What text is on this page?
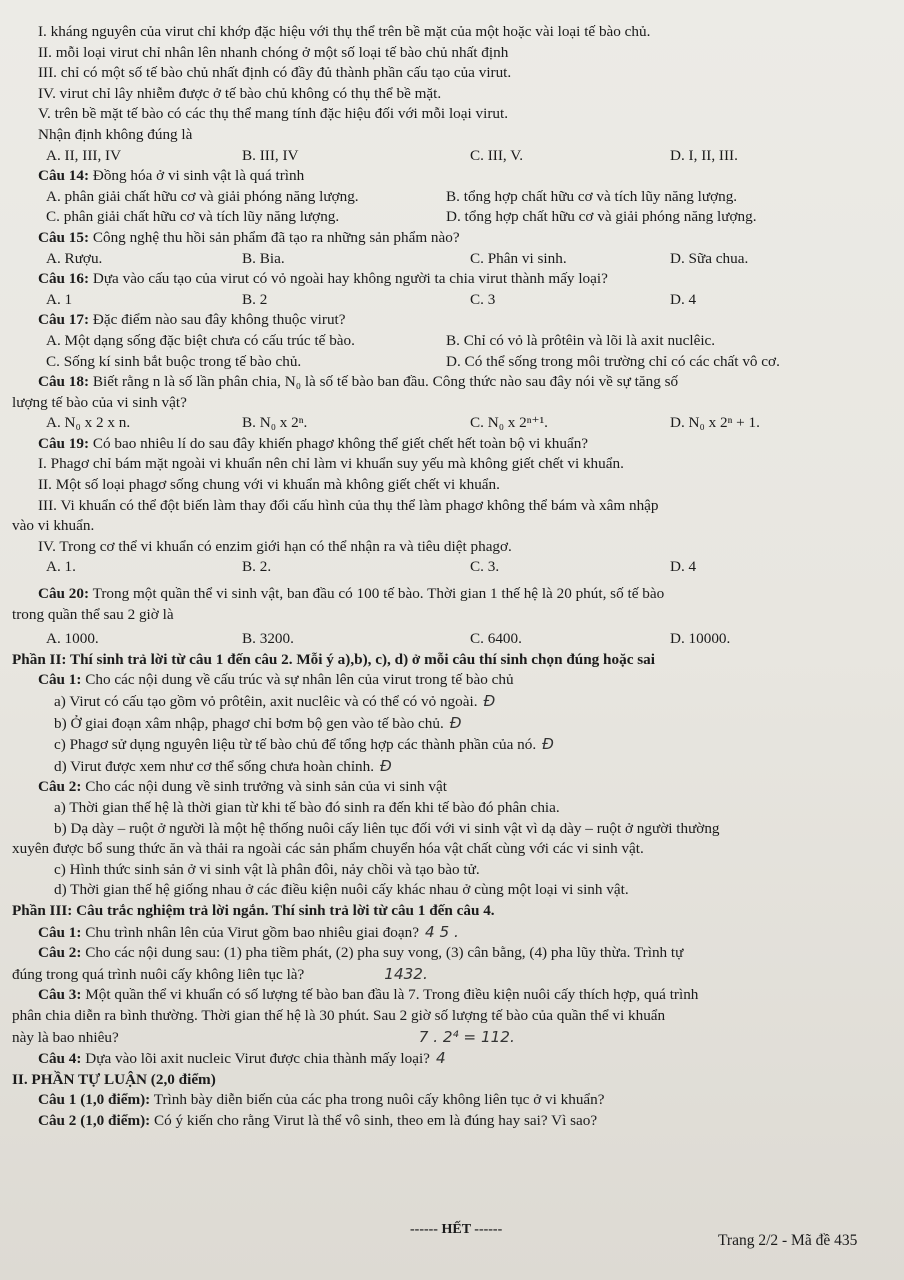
I. kháng nguyên của virut chỉ khớp đặc hiệu với thụ thể trên bề mặt của một hoặc vài loại tế bào chủ.
II. mỗi loại virut chỉ nhân lên nhanh chóng ở một số loại tế bào chủ nhất định
III. chỉ có một số tế bào chủ nhất định có đầy đủ thành phần cấu tạo của virut.
IV. virut chỉ lây nhiễm được ở tế bào chủ không có thụ thể bề mặt.
V. trên bề mặt tế bào có các thụ thể mang tính đặc hiệu đối với mỗi loại virut.
Nhận định không đúng là
A. II, III, IV	B. III, IV	C. III, V.	D. I, II, III.
Câu 14: Đồng hóa ở vi sinh vật là quá trình
A. phân giải chất hữu cơ và giải phóng năng lượng.	B. tổng hợp chất hữu cơ và tích lũy năng lượng.
C. phân giải chất hữu cơ và tích lũy năng lượng.	D. tổng hợp chất hữu cơ và giải phóng năng lượng.
Câu 15: Công nghệ thu hồi sản phẩm đã tạo ra những sản phẩm nào?
A. Rượu.	B. Bia.	C. Phân vi sinh.	D. Sữa chua.
Câu 16: Dựa vào cấu tạo của virut có vỏ ngoài hay không người ta chia virut thành mấy loại?
A. 1	B. 2	C. 3	D. 4
Câu 17: Đặc điểm nào sau đây không thuộc virut?
A. Một dạng sống đặc biệt chưa có cấu trúc tế bào.	B. Chỉ có vỏ là prôtêin và lõi là axit nuclêic.
C. Sống kí sinh bắt buộc trong tế bào chủ.	D. Có thể sống trong môi trường chỉ có các chất vô cơ.
Câu 18: Biết rằng n là số lần phân chia, N₀ là số tế bào ban đầu. Công thức nào sau đây nói về sự tăng số
lượng tế bào của vi sinh vật?
A. N₀ x 2 x n.	B. N₀ x 2ⁿ.	C. N₀ x 2ⁿ⁺¹.	D. N₀ x 2ⁿ + 1.
Câu 19: Có bao nhiêu lí do sau đây khiến phagơ không thể giết chết hết toàn bộ vi khuẩn?
I. Phagơ chỉ bám mặt ngoài vi khuẩn nên chỉ làm vi khuẩn suy yếu mà không giết chết vi khuẩn.
II. Một số loại phagơ sống chung với vi khuẩn mà không giết chết vi khuẩn.
III. Vi khuẩn có thể đột biến làm thay đổi cấu hình của thụ thể làm phagơ không thể bám và xâm nhập
vào vi khuẩn.
IV. Trong cơ thể vi khuẩn có enzim giới hạn có thể nhận ra và tiêu diệt phagơ.
A. 1.	B. 2.	C. 3.	D. 4
Câu 20: Trong một quần thể vi sinh vật, ban đầu có 100 tế bào. Thời gian 1 thế hệ là 20 phút, số tế bào
trong quần thể sau 2 giờ là
A. 1000.	B. 3200.	C. 6400.	D. 10000.
Phần II: Thí sinh trả lời từ câu 1 đến câu 2. Mỗi ý a),b), c), d) ở mỗi câu thí sinh chọn đúng hoặc sai
Câu 1: Cho các nội dung về cấu trúc và sự nhân lên của virut trong tế bào chủ
a) Virut có cấu tạo gồm vỏ prôtêin, axit nuclêic và có thể có vỏ ngoài. Đ
b) Ở giai đoạn xâm nhập, phagơ chỉ bơm bộ gen vào tế bào chủ. Đ
c) Phagơ sử dụng nguyên liệu từ tế bào chủ để tổng hợp các thành phần của nó. Đ
d) Virut được xem như cơ thể sống chưa hoàn chỉnh. Đ
Câu 2: Cho các nội dung về sinh trưởng và sinh sản của vi sinh vật
a) Thời gian thế hệ là thời gian từ khi tế bào đó sinh ra đến khi tế bào đó phân chia.
b) Dạ dày – ruột ở người là một hệ thống nuôi cấy liên tục đối với vi sinh vật vì dạ dày – ruột ở người thường
xuyên được bổ sung thức ăn và thải ra ngoài các sản phẩm chuyển hóa vật chất cùng với các vi sinh vật.
c) Hình thức sinh sản ở vi sinh vật là phân đôi, nảy chồi và tạo bào tử.
d) Thời gian thế hệ giống nhau ở các điều kiện nuôi cấy khác nhau ở cùng một loại vi sinh vật.
Phần III: Câu trắc nghiệm trả lời ngắn. Thí sinh trả lời từ câu 1 đến câu 4.
Câu 1: Chu trình nhân lên của Virut gồm bao nhiêu giai đoạn? 4 5 .
Câu 2: Cho các nội dung sau: (1) pha tiềm phát, (2) pha suy vong, (3) cân bằng, (4) pha lũy thừa. Trình tự
đúng trong quá trình nuôi cấy không liên tục là?	1432.
Câu 3: Một quần thể vi khuẩn có số lượng tế bào ban đầu là 7. Trong điều kiện nuôi cấy thích hợp, quá trình
phân chia diễn ra bình thường. Thời gian thế hệ là 30 phút. Sau 2 giờ số lượng tế bào của quần thể vi khuẩn
này là bao nhiêu?	7 . 2⁴ = 112.
Câu 4: Dựa vào lõi axit nucleic Virut được chia thành mấy loại? 4
II. PHẦN TỰ LUẬN (2,0 điểm)
Câu 1 (1,0 điểm): Trình bày diễn biến của các pha trong nuôi cấy không liên tục ở vi khuẩn?
Câu 2 (1,0 điểm): Có ý kiến cho rằng Virut là thể vô sinh, theo em là đúng hay sai? Vì sao?
------ HẾT ------
Trang 2/2 - Mã đề 435
